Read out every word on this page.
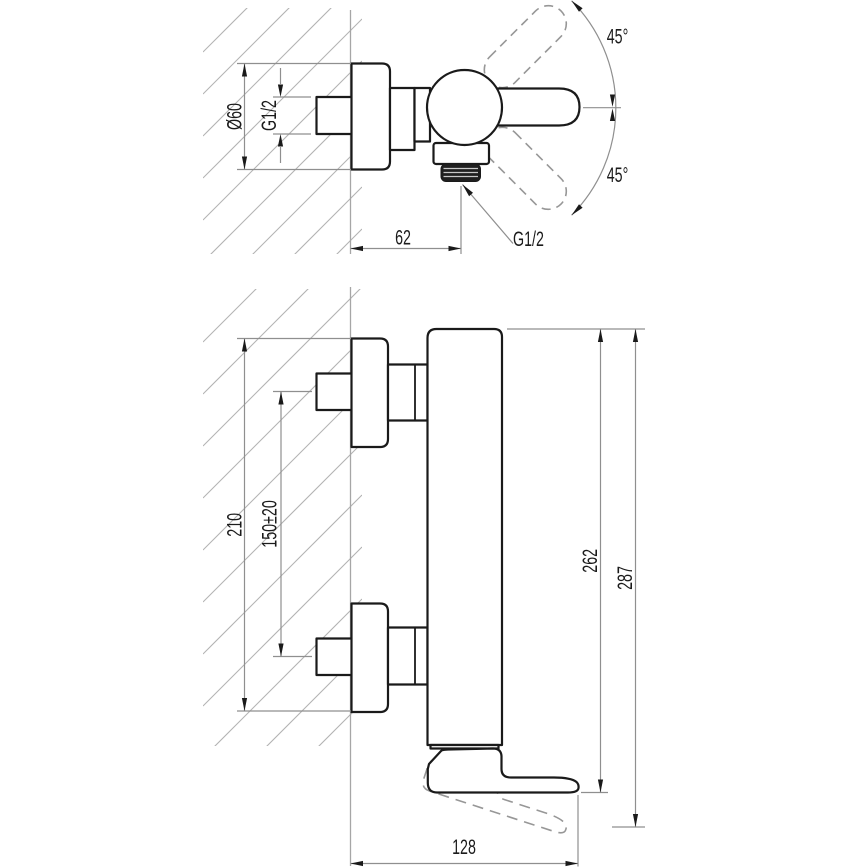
Ø60 G1/2
62	G1/2
45°
45°
210 150±20
262
287
128
